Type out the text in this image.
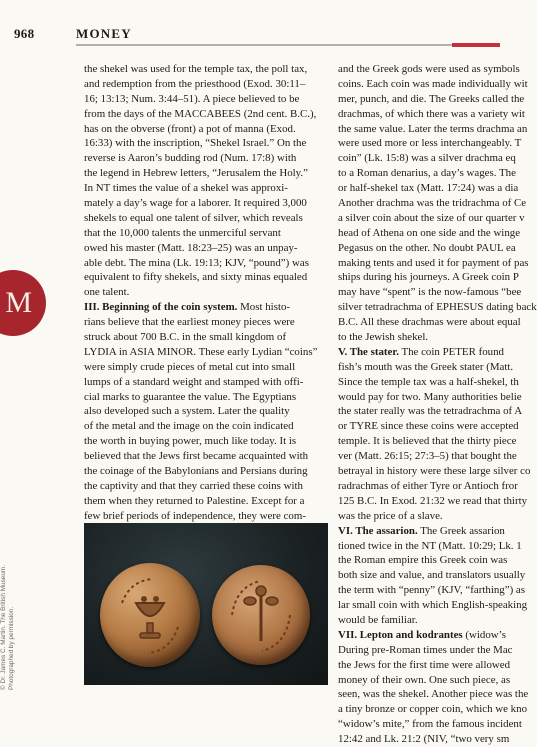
968	MONEY
M
the shekel was used for the temple tax, the poll tax,
and redemption from the priesthood (Exod. 30:11–
16; 13:13; Num. 3:44–51). A piece believed to be
from the days of the MACCABEES (2nd cent. B.C.),
has on the obverse (front) a pot of manna (Exod.
16:33) with the inscription, “Shekel Israel.” On the
reverse is Aaron’s budding rod (Num. 17:8) with
the legend in Hebrew letters, “Jerusalem the Holy.”
In NT times the value of a shekel was approxi-
mately a day’s wage for a laborer. It required 3,000
shekels to equal one talent of silver, which reveals
that the 10,000 talents the unmerciful servant
owed his master (Matt. 18:23–25) was an unpay-
able debt. The mina (Lk. 19:13; KJV, “pound”) was
equivalent to fifty shekels, and sixty minas equaled
one talent.
III. Beginning of the coin system. Most histo-
rians believe that the earliest money pieces were
struck about 700 B.C. in the small kingdom of
LYDIA in ASIA MINOR. These early Lydian “coins”
were simply crude pieces of metal cut into small
lumps of a standard weight and stamped with offi-
cial marks to guarantee the value. The Egyptians
also developed such a system. Later the quality
of the metal and the image on the coin indicated
the worth in buying power, much like today. It is
believed that the Jews first became acquainted with
the coinage of the Babylonians and Persians during
the captivity and that they carried these coins with
them when they returned to Palestine. Except for a
few brief periods of independence, they were com-
and the Greek gods were used as symbols
coins. Each coin was made individually wit
mer, punch, and die. The Greeks called the
drachmas, of which there was a variety wit
the same value. Later the terms drachma an
were used more or less interchangeably. T
coin” (Lk. 15:8) was a silver drachma eq
to a Roman denarius, a day’s wages. The
or half-shekel tax (Matt. 17:24) was a dia
Another drachma was the tridrachma of Ce
a silver coin about the size of our quarter v
head of Athena on one side and the winge
Pegasus on the other. No doubt PAUL ea
making tents and used it for payment of pas
ships during his journeys. A Greek coin P
may have “spent” is the now-famous “bee
silver tetradrachma of EPHESUS dating back
B.C. All these drachmas were about equal
to the Jewish shekel.
V. The stater. The coin PETER found
fish’s mouth was the Greek stater (Matt.
Since the temple tax was a half-shekel, th
would pay for two. Many authorities belie
the stater really was the tetradrachma of A
or TYRE since these coins were accepted
temple. It is believed that the thirty piece
ver (Matt. 26:15; 27:3–5) that bought the
betrayal in history were these large silver co
radrachmas of either Tyre or Antioch fror
125 B.C. In Exod. 21:32 we read that thirty
was the price of a slave.
VI. The assarion. The Greek assarion
tioned twice in the NT (Matt. 10:29; Lk. 1
the Roman empire this Greek coin was
both size and value, and translators usually
the term with “penny” (KJV, “farthing”) as
lar small coin with which English-speaking
would be familiar.
VII. Lepton and kodrantes (widow’s
During pre-Roman times under the Mac
the Jews for the first time were allowed
money of their own. One such piece, as
seen, was the shekel. Another piece was the
a tiny bronze or copper coin, which we kno
“widow’s mite,” from the famous incident
12:42 and Lk. 21:2 (NIV, “two very sm
© Dr. James C. Martin. The British Museum. Photographed by permission.
